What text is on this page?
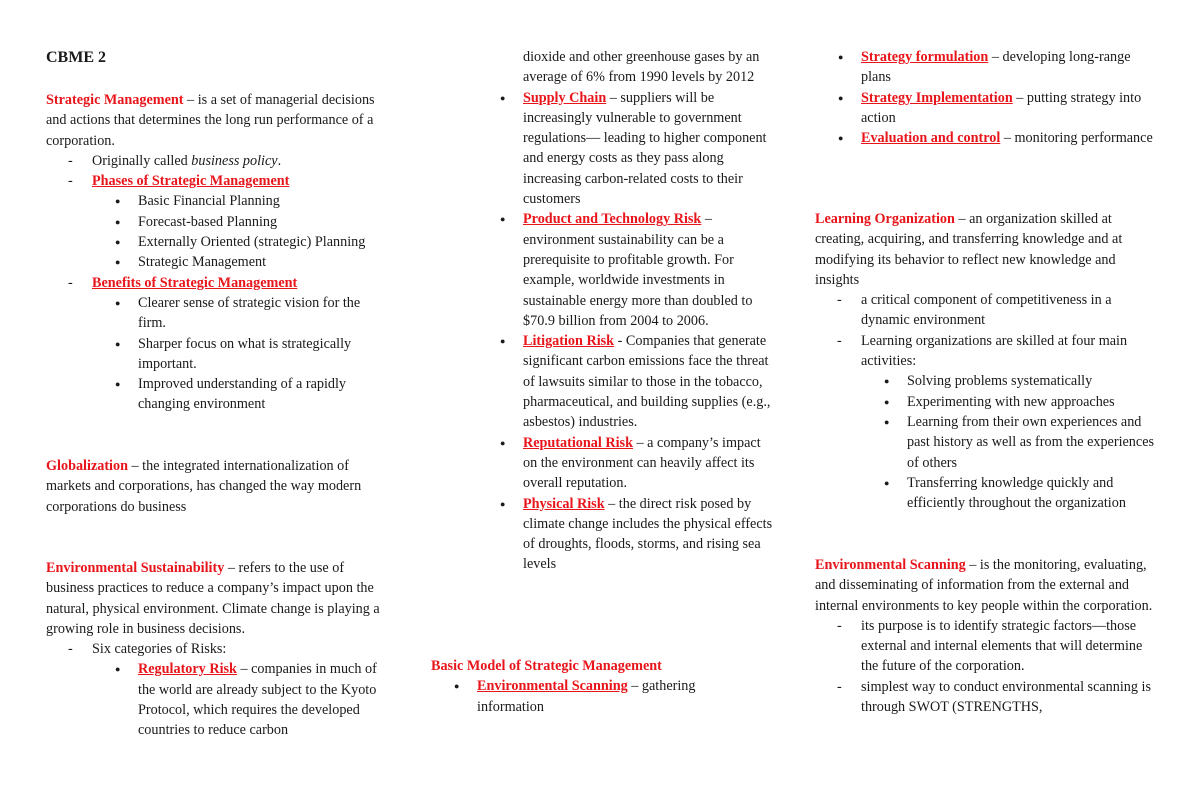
CBME 2

Strategic Management – is a set of managerial decisions and actions that determines the long run performance of a corporation.

- Originally called business policy.
- Phases of Strategic Management
● Basic Financial Planning
● Forecast-based Planning
● Externally Oriented (strategic) Planning
● Strategic Management
- Benefits of Strategic Management
● Clearer sense of strategic vision for the firm.
● Sharper focus on what is strategically important.
● Improved understanding of a rapidly changing environment

Globalization – the integrated internationalization of markets and corporations, has changed the way modern corporations do business

Environmental Sustainability – refers to the use of business practices to reduce a company’s impact upon the natural, physical environment. Climate change is playing a growing role in business decisions.

- Six categories of Risks:
● Regulatory Risk – companies in much of the world are already subject to the Kyoto Protocol, which requires the developed countries to reduce carbon

dioxide and other greenhouse gases by an average of 6% from 1990 levels by 2012

● Supply Chain – suppliers will be increasingly vulnerable to government regulations— leading to higher component and energy costs as they pass along increasing carbon-related costs to their customers
● Product and Technology Risk – environment sustainability can be a prerequisite to profitable growth. For example, worldwide investments in sustainable energy more than doubled to $70.9 billion from 2004 to 2006.
● Litigation Risk - Companies that generate significant carbon emissions face the threat of lawsuits similar to those in the tobacco, pharmaceutical, and building supplies (e.g., asbestos) industries.
● Reputational Risk – a company’s impact on the environment can heavily affect its overall reputation.
● Physical Risk – the direct risk posed by climate change includes the physical effects of droughts, floods, storms, and rising sea levels

Basic Model of Strategic Management

● Environmental Scanning – gathering information
● Strategy formulation – developing long-range plans
● Strategy Implementation – putting strategy into action
● Evaluation and control – monitoring performance

Learning Organization – an organization skilled at creating, acquiring, and transferring knowledge and at modifying its behavior to reflect new knowledge and insights

- a critical component of competitiveness in a dynamic environment
- Learning organizations are skilled at four main activities:
● Solving problems systematically
● Experimenting with new approaches
● Learning from their own experiences and past history as well as from the experiences of others
● Transferring knowledge quickly and efficiently throughout the organization

Environmental Scanning – is the monitoring, evaluating, and disseminating of information from the external and internal environments to key people within the corporation.

- its purpose is to identify strategic factors—those external and internal elements that will determine the future of the corporation.
- simplest way to conduct environmental scanning is through SWOT (STRENGTHS,
